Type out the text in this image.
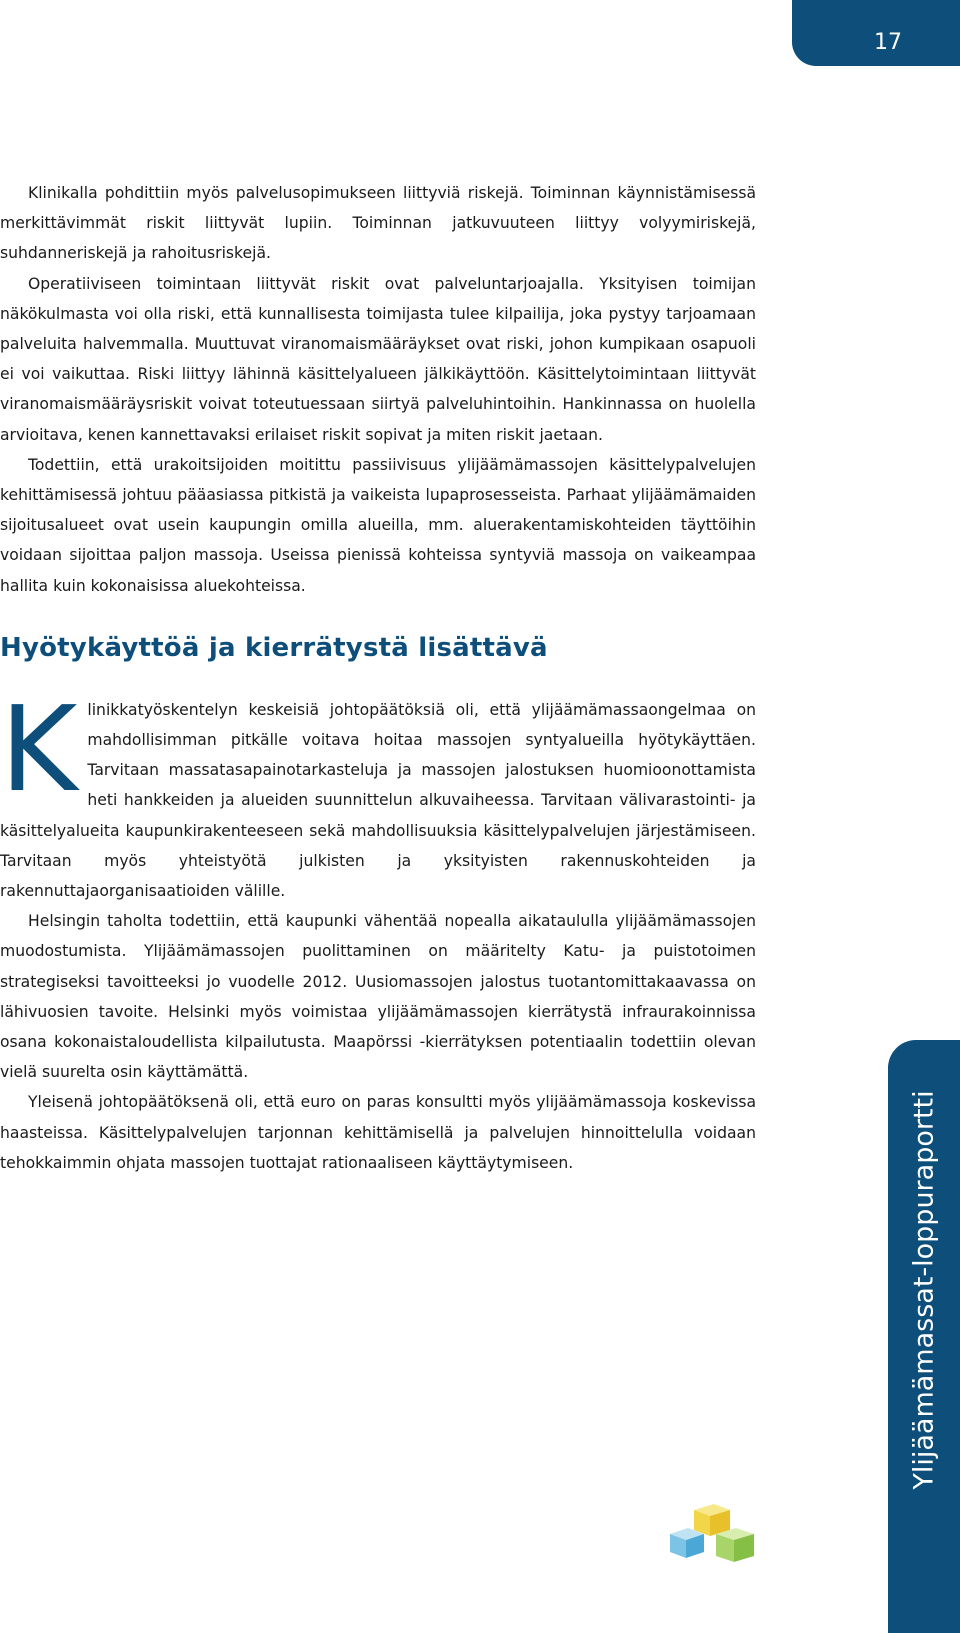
17
Ylijäämämassat-loppuraportti

Klinikalla pohdittiin myös palvelusopimukseen liittyviä riskejä. Toiminnan käynnistämisessä merkittävimmät riskit liittyvät lupiin. Toiminnan jatkuvuuteen liittyy volyymiriskejä, suhdanneriskejä ja rahoitusriskejä.

Operatiiviseen toimintaan liittyvät riskit ovat palveluntarjoajalla. Yksityisen toimijan näkökulmasta voi olla riski, että kunnallisesta toimijasta tulee kilpailija, joka pystyy tarjoamaan palveluita halvemmalla. Muuttuvat viranomaismääräykset ovat riski, johon kumpikaan osapuoli ei voi vaikuttaa. Riski liittyy lähinnä käsittelyalueen jälkikäyttöön. Käsittelytoimintaan liittyvät viranomaismääräysriskit voivat toteutuessaan siirtyä palveluhintoihin. Hankinnassa on huolella arvioitava, kenen kannettavaksi erilaiset riskit sopivat ja miten riskit jaetaan.

Todettiin, että urakoitsijoiden moitittu passiivisuus ylijäämämassojen käsittelypalvelujen kehittämisessä johtuu pääasiassa pitkistä ja vaikeista lupaprosesseista. Parhaat ylijäämämaiden sijoitusalueet ovat usein kaupungin omilla alueilla, mm. aluerakentamiskohteiden täyttöihin voidaan sijoittaa paljon massoja. Useissa pienissä kohteissa syntyviä massoja on vaikeampaa hallita kuin kokonaisissa aluekohteissa.

Hyötykäyttöä ja kierrätystä lisättävä

Klinikkatyöskentelyn keskeisiä johtopäätöksiä oli, että ylijäämämassaongelmaa on mahdollisimman pitkälle voitava hoitaa massojen syntyalueilla hyötykäyttäen. Tarvitaan massatasapainotarkasteluja ja massojen jalostuksen huomioonottamista heti hankkeiden ja alueiden suunnittelun alkuvaiheessa. Tarvitaan välivarastointi- ja käsittelyalueita kaupunkirakenteeseen sekä mahdollisuuksia käsittelypalvelujen järjestämiseen. Tarvitaan myös yhteistyötä julkisten ja yksityisten rakennuskohteiden ja rakennuttajaorganisaatioiden välille.

Helsingin taholta todettiin, että kaupunki vähentää nopealla aikataululla ylijäämämassojen muodostumista. Ylijäämämassojen puolittaminen on määritelty Katu- ja puistotoimen strategiseksi tavoitteeksi jo vuodelle 2012. Uusiomassojen jalostus tuotantomittakaavassa on lähivuosien tavoite. Helsinki myös voimistaa ylijäämämassojen kierrätystä infraurakoinnissa osana kokonaistaloudellista kilpailutusta. Maapörssi -kierrätyksen potentiaalin todettiin olevan vielä suurelta osin käyttämättä.

Yleisenä johtopäätöksenä oli, että euro on paras konsultti myös ylijäämämassoja koskevissa haasteissa. Käsittelypalvelujen tarjonnan kehittämisellä ja palvelujen hinnoittelulla voidaan tehokkaimmin ohjata massojen tuottajat rationaaliseen käyttäytymiseen.
